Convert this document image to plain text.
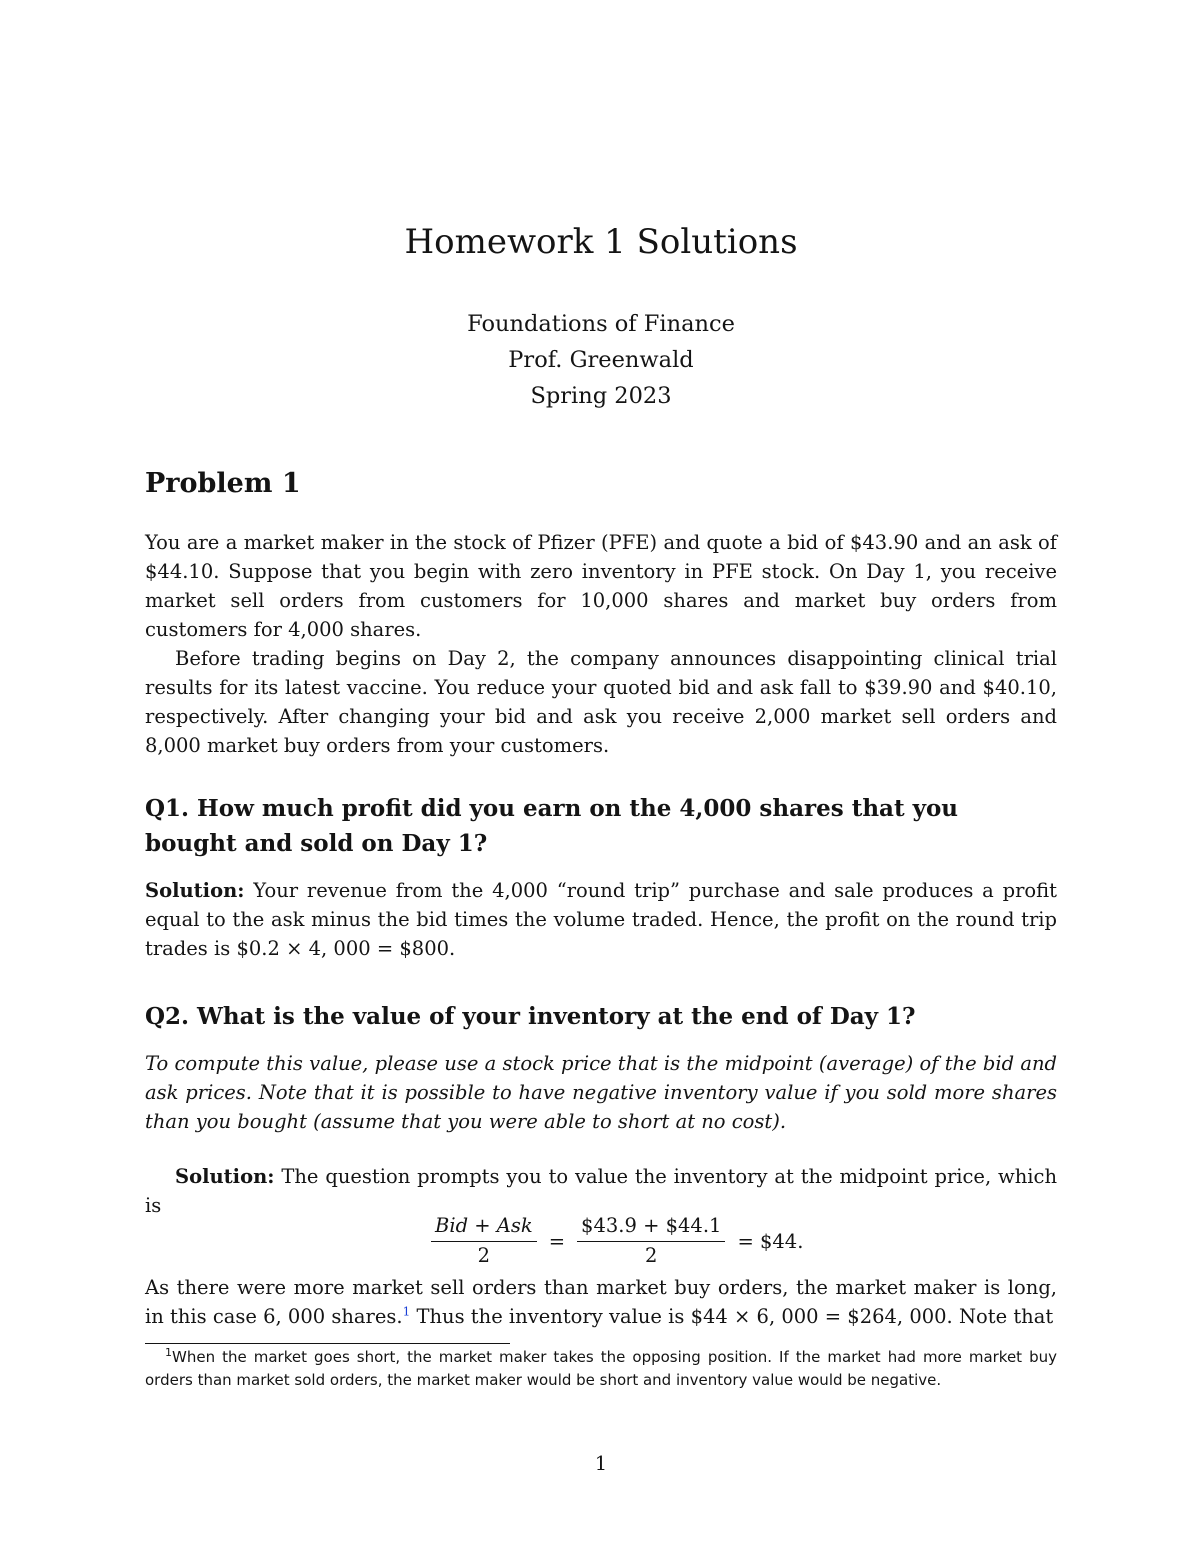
Homework 1 Solutions
Foundations of Finance
Prof. Greenwald
Spring 2023
Problem 1

You are a market maker in the stock of Pfizer (PFE) and quote a bid of $43.90 and an ask of $44.10. Suppose that you begin with zero inventory in PFE stock. On Day 1, you receive market sell orders from customers for 10,000 shares and market buy orders from customers for 4,000 shares.

Before trading begins on Day 2, the company announces disappointing clinical trial results for its latest vaccine. You reduce your quoted bid and ask fall to $39.90 and $40.10, respectively. After changing your bid and ask you receive 2,000 market sell orders and 8,000 market buy orders from your customers.

Q1. How much profit did you earn on the 4,000 shares that you bought and sold on Day 1?

Solution: Your revenue from the 4,000 “round trip” purchase and sale produces a profit equal to the ask minus the bid times the volume traded. Hence, the profit on the round trip trades is $0.2 × 4, 000 = $800.

Q2. What is the value of your inventory at the end of Day 1?

To compute this value, please use a stock price that is the midpoint (average) of the bid and ask prices. Note that it is possible to have negative inventory value if you sold more shares than you bought (assume that you were able to short at no cost).

Solution: The question prompts you to value the inventory at the midpoint price, which is

$\frac{\text{Bid + Ask}}{2} = \frac{\$43.9 + \$44.1}{2}$ = $44.

As there were more market sell orders than market buy orders, the market maker is long, in this case 6, 000 shares.$^1$ Thus the inventory value is $44 × 6, 000 = $264, 000. Note that

$^1$When the market goes short, the market maker takes the opposing position. If the market had more market buy orders than market sold orders, the market maker would be short and inventory value would be negative.

1
